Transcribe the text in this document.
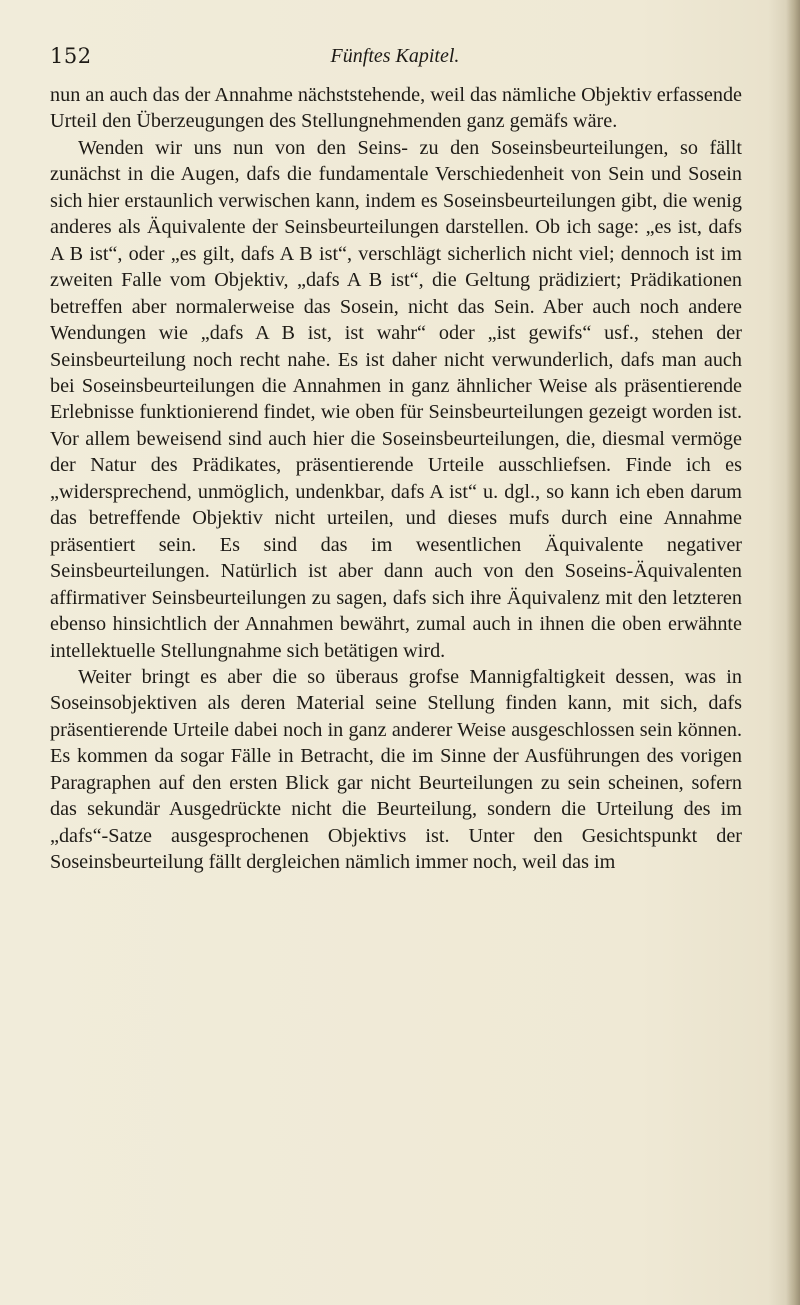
152	Fünftes Kapitel.

nun an auch das der Annahme nächststehende, weil das nämliche Objektiv erfassende Urteil den Überzeugungen des Stellungnehmenden ganz gemäfs wäre.

Wenden wir uns nun von den Seins- zu den Soseinsbeurteilungen, so fällt zunächst in die Augen, dafs die fundamentale Verschiedenheit von Sein und Sosein sich hier erstaunlich verwischen kann, indem es Soseinsbeurteilungen gibt, die wenig anderes als Äquivalente der Seinsbeurteilungen darstellen. Ob ich sage: „es ist, dafs A B ist“, oder „es gilt, dafs A B ist“, verschlägt sicherlich nicht viel; dennoch ist im zweiten Falle vom Objektiv, „dafs A B ist“, die Geltung prädiziert; Prädikationen betreffen aber normalerweise das Sosein, nicht das Sein. Aber auch noch andere Wendungen wie „dafs A B ist, ist wahr“ oder „ist gewifs“ usf., stehen der Seinsbeurteilung noch recht nahe. Es ist daher nicht verwunderlich, dafs man auch bei Soseinsbeurteilungen die Annahmen in ganz ähnlicher Weise als präsentierende Erlebnisse funktionierend findet, wie oben für Seinsbeurteilungen gezeigt worden ist. Vor allem beweisend sind auch hier die Soseinsbeurteilungen, die, diesmal vermöge der Natur des Prädikates, präsentierende Urteile ausschliefsen. Finde ich es „widersprechend, unmöglich, undenkbar, dafs A ist“ u. dgl., so kann ich eben darum das betreffende Objektiv nicht urteilen, und dieses mufs durch eine Annahme präsentiert sein. Es sind das im wesentlichen Äquivalente negativer Seinsbeurteilungen. Natürlich ist aber dann auch von den Soseins-Äquivalenten affirmativer Seinsbeurteilungen zu sagen, dafs sich ihre Äquivalenz mit den letzteren ebenso hinsichtlich der Annahmen bewährt, zumal auch in ihnen die oben erwähnte intellektuelle Stellungnahme sich betätigen wird.

Weiter bringt es aber die so überaus grofse Mannigfaltigkeit dessen, was in Soseinsobjektiven als deren Material seine Stellung finden kann, mit sich, dafs präsentierende Urteile dabei noch in ganz anderer Weise ausgeschlossen sein können. Es kommen da sogar Fälle in Betracht, die im Sinne der Ausführungen des vorigen Paragraphen auf den ersten Blick gar nicht Beurteilungen zu sein scheinen, sofern das sekundär Ausgedrückte nicht die Beurteilung, sondern die Urteilung des im „dafs“-Satze ausgesprochenen Objektivs ist. Unter den Gesichtspunkt der Soseinsbeurteilung fällt dergleichen nämlich immer noch, weil das im
